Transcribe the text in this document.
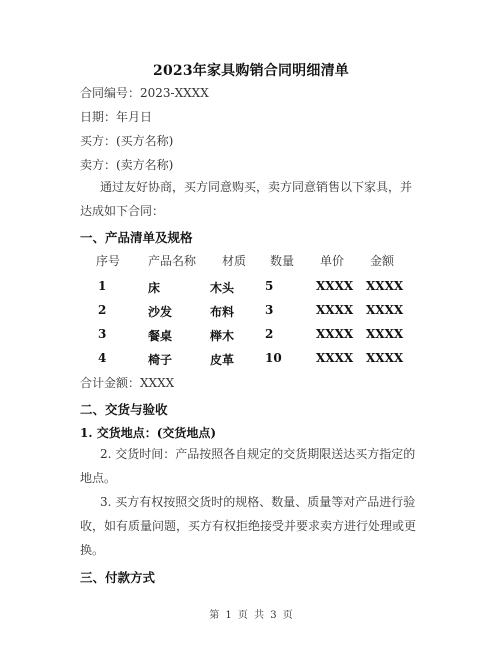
2023年家具购销合同明细清单
合同编号：2023-XXXX
日期：年月日
买方：(买方名称)
卖方：(卖方名称)
通过友好协商，买方同意购买，卖方同意销售以下家具，并
达成如下合同：
一、产品清单及规格
序号 产品名称 材质 数量 单价 金额
1	床	木头	5	XXXX XXXX
2	沙发	布料	3	XXXX XXXX
3	餐桌	榉木	2	XXXX XXXX
4	椅子	皮革	10	XXXX XXXX
合计金额：XXXX
二、交货与验收
1. 交货地点：(交货地点)
2. 交货时间：产品按照各自规定的交货期限送达买方指定的
地点。
3. 买方有权按照交货时的规格、数量、质量等对产品进行验
收，如有质量问题，买方有权拒绝接受并要求卖方进行处理或更
换。
三、付款方式
第 1 页 共 3 页
